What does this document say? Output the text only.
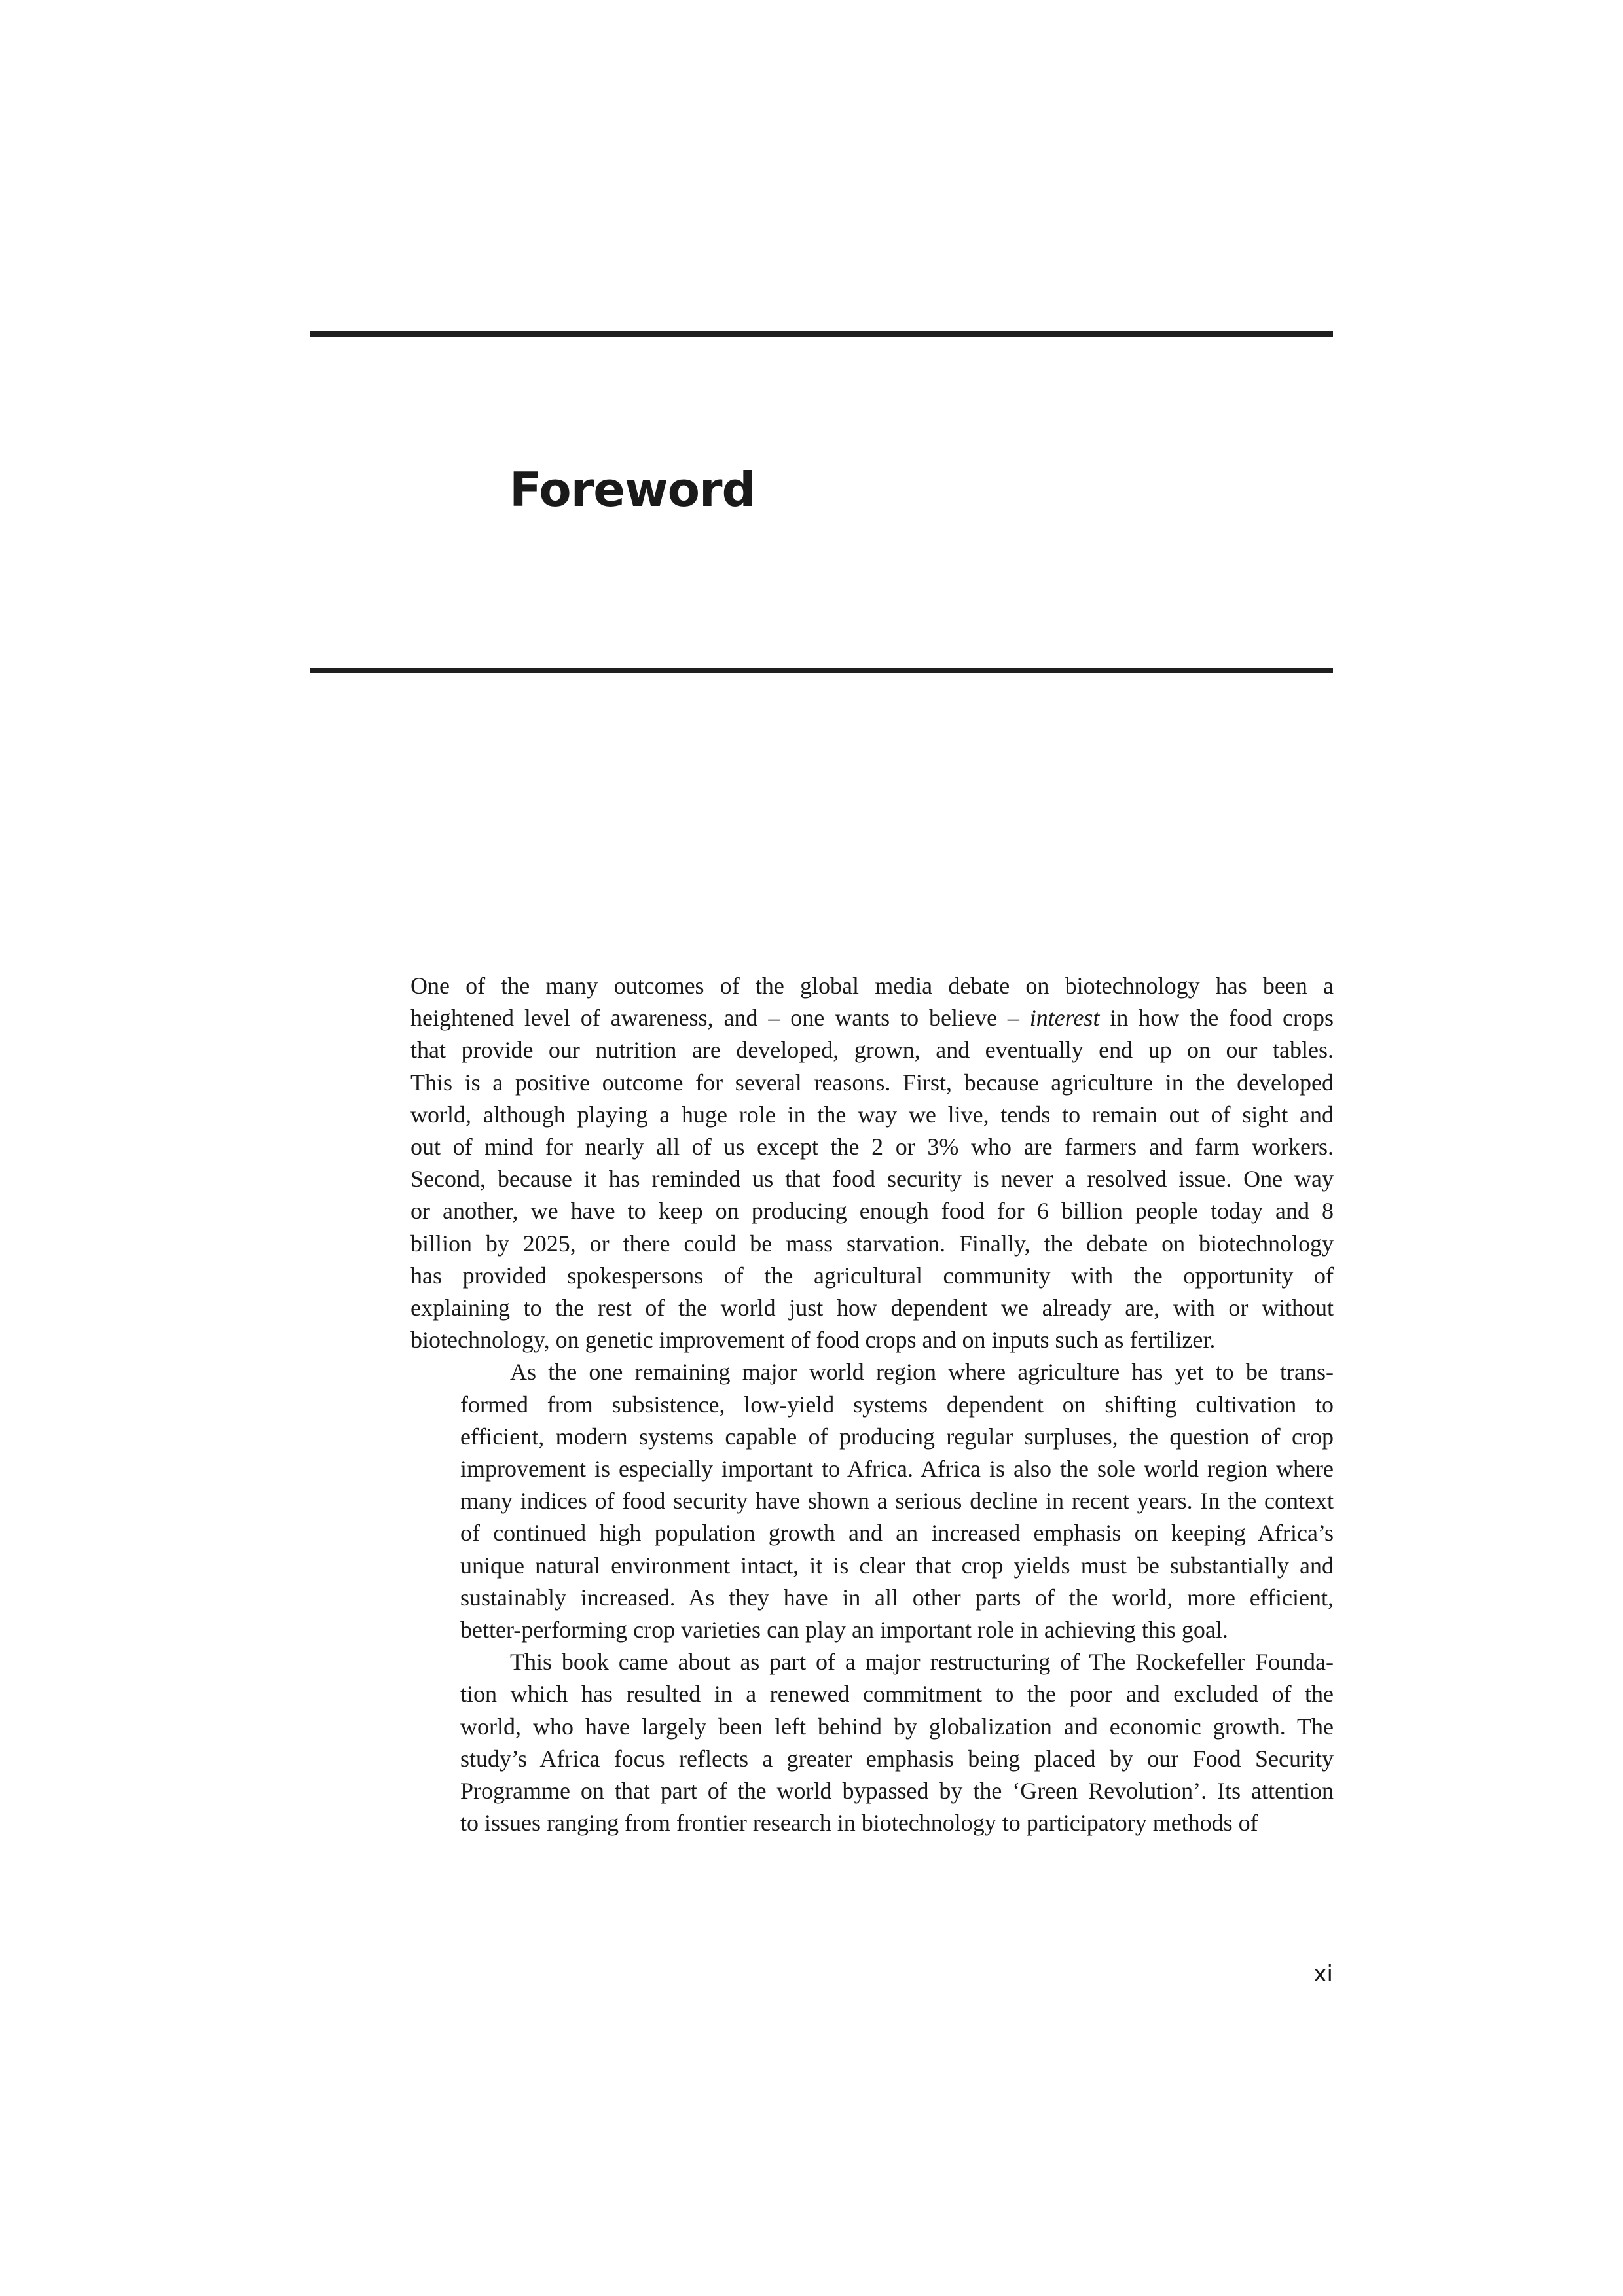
Foreword

One of the many outcomes of the global media debate on biotechnology has been a
heightened level of awareness, and – one wants to believe – interest in how the food crops
that provide our nutrition are developed, grown, and eventually end up on our tables.
This is a positive outcome for several reasons. First, because agriculture in the developed
world, although playing a huge role in the way we live, tends to remain out of sight and
out of mind for nearly all of us except the 2 or 3% who are farmers and farm workers.
Second, because it has reminded us that food security is never a resolved issue. One way
or another, we have to keep on producing enough food for 6 billion people today and 8
billion by 2025, or there could be mass starvation. Finally, the debate on biotechnology
has provided spokespersons of the agricultural community with the opportunity of
explaining to the rest of the world just how dependent we already are, with or without
biotechnology, on genetic improvement of food crops and on inputs such as fertilizer.

As the one remaining major world region where agriculture has yet to be trans-
formed from subsistence, low-yield systems dependent on shifting cultivation to
efficient, modern systems capable of producing regular surpluses, the question of crop
improvement is especially important to Africa. Africa is also the sole world region where
many indices of food security have shown a serious decline in recent years. In the context
of continued high population growth and an increased emphasis on keeping Africa’s
unique natural environment intact, it is clear that crop yields must be substantially and
sustainably increased. As they have in all other parts of the world, more efficient,
better-performing crop varieties can play an important role in achieving this goal.

This book came about as part of a major restructuring of The Rockefeller Founda-
tion which has resulted in a renewed commitment to the poor and excluded of the
world, who have largely been left behind by globalization and economic growth. The
study’s Africa focus reflects a greater emphasis being placed by our Food Security
Programme on that part of the world bypassed by the ‘Green Revolution’. Its attention
to issues ranging from frontier research in biotechnology to participatory methods of

xi
